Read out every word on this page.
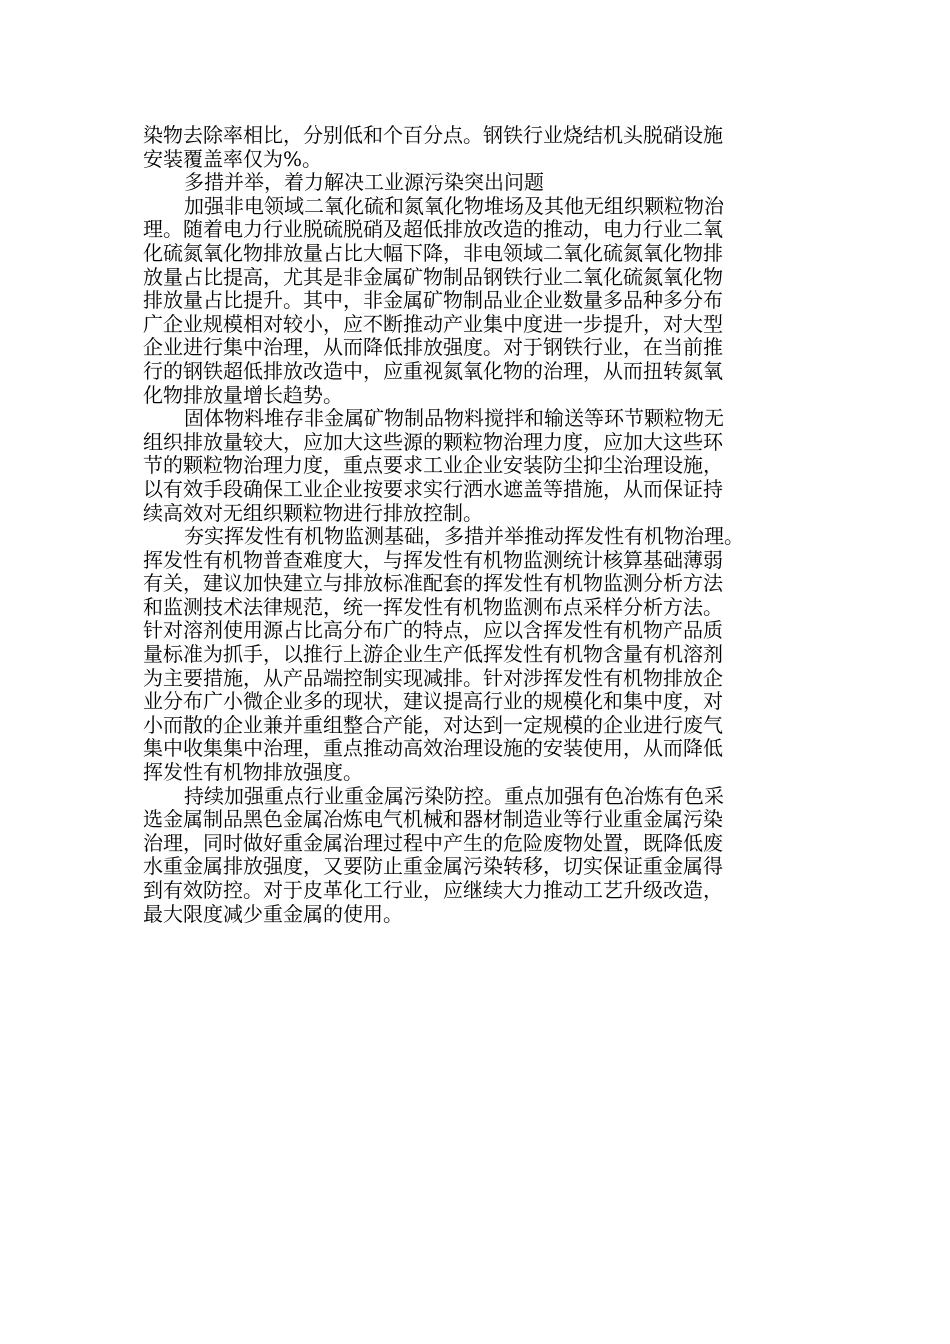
染物去除率相比，分别低和个百分点。钢铁行业烧结机头脱硝设施
安装覆盖率仅为%。
多措并举，着力解决工业源污染突出问题
加强非电领域二氧化硫和氮氧化物堆场及其他无组织颗粒物治
理。随着电力行业脱硫脱硝及超低排放改造的推动，电力行业二氧
化硫氮氧化物排放量占比大幅下降，非电领域二氧化硫氮氧化物排
放量占比提高，尤其是非金属矿物制品钢铁行业二氧化硫氮氧化物
排放量占比提升。其中，非金属矿物制品业企业数量多品种多分布
广企业规模相对较小，应不断推动产业集中度进一步提升，对大型
企业进行集中治理，从而降低排放强度。对于钢铁行业，在当前推
行的钢铁超低排放改造中，应重视氮氧化物的治理，从而扭转氮氧
化物排放量增长趋势。
固体物料堆存非金属矿物制品物料搅拌和输送等环节颗粒物无
组织排放量较大，应加大这些源的颗粒物治理力度，应加大这些环
节的颗粒物治理力度，重点要求工业企业安装防尘抑尘治理设施，
以有效手段确保工业企业按要求实行洒水遮盖等措施，从而保证持
续高效对无组织颗粒物进行排放控制。
夯实挥发性有机物监测基础，多措并举推动挥发性有机物治理。
挥发性有机物普查难度大，与挥发性有机物监测统计核算基础薄弱
有关，建议加快建立与排放标准配套的挥发性有机物监测分析方法
和监测技术法律规范，统一挥发性有机物监测布点采样分析方法。
针对溶剂使用源占比高分布广的特点，应以含挥发性有机物产品质
量标准为抓手，以推行上游企业生产低挥发性有机物含量有机溶剂
为主要措施，从产品端控制实现减排。针对涉挥发性有机物排放企
业分布广小微企业多的现状，建议提高行业的规模化和集中度，对
小而散的企业兼并重组整合产能，对达到一定规模的企业进行废气
集中收集集中治理，重点推动高效治理设施的安装使用，从而降低
挥发性有机物排放强度。
持续加强重点行业重金属污染防控。重点加强有色冶炼有色采
选金属制品黑色金属冶炼电气机械和器材制造业等行业重金属污染
治理，同时做好重金属治理过程中产生的危险废物处置，既降低废
水重金属排放强度，又要防止重金属污染转移，切实保证重金属得
到有效防控。对于皮革化工行业，应继续大力推动工艺升级改造，
最大限度减少重金属的使用。
